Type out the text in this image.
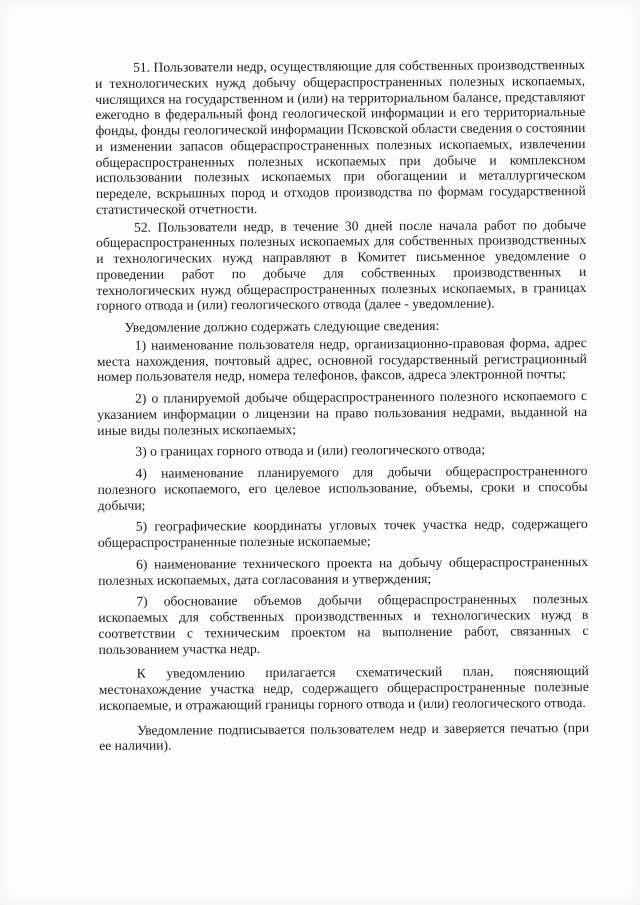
51. Пользователи недр, осуществляющие для собственных производственных и технологических нужд добычу общераспространенных полезных ископаемых, числящихся на государственном и (или) на территориальном балансе, представляют ежегодно в федеральный фонд геологической информации и его территориальные фонды, фонды геологической информации Псковской области сведения о состоянии и изменении запасов общераспространенных полезных ископаемых, извлечении общераспространенных полезных ископаемых при добыче и комплексном использовании полезных ископаемых при обогащении и металлургическом переделе, вскрышных пород и отходов производства по формам государственной статистической отчетности.

52. Пользователи недр, в течение 30 дней после начала работ по добыче общераспространенных полезных ископаемых для собственных производственных и технологических нужд направляют в Комитет письменное уведомление о проведении работ по добыче для собственных производственных и технологических нужд общераспространенных полезных ископаемых, в границах горного отвода и (или) геологического отвода (далее - уведомление).

Уведомление должно содержать следующие сведения:

1) наименование пользователя недр, организационно-правовая форма, адрес места нахождения, почтовый адрес, основной государственный регистрационный номер пользователя недр, номера телефонов, факсов, адреса электронной почты;

2) о планируемой добыче общераспространенного полезного ископаемого с указанием информации о лицензии на право пользования недрами, выданной на иные виды полезных ископаемых;

3) о границах горного отвода и (или) геологического отвода;

4) наименование планируемого для добычи общераспространенного полезного ископаемого, его целевое использование, объемы, сроки и способы добычи;

5) географические координаты угловых точек участка недр, содержащего общераспространенные полезные ископаемые;

6) наименование технического проекта на добычу общераспространенных полезных ископаемых, дата согласования и утверждения;

7) обоснование объемов добычи общераспространенных полезных ископаемых для собственных производственных и технологических нужд в соответствии с техническим проектом на выполнение работ, связанных с пользованием участка недр.

К уведомлению прилагается схематический план, поясняющий местонахождение участка недр, содержащего общераспространенные полезные ископаемые, и отражающий границы горного отвода и (или) геологического отвода.

Уведомление подписывается пользователем недр и заверяется печатью (при ее наличии).
